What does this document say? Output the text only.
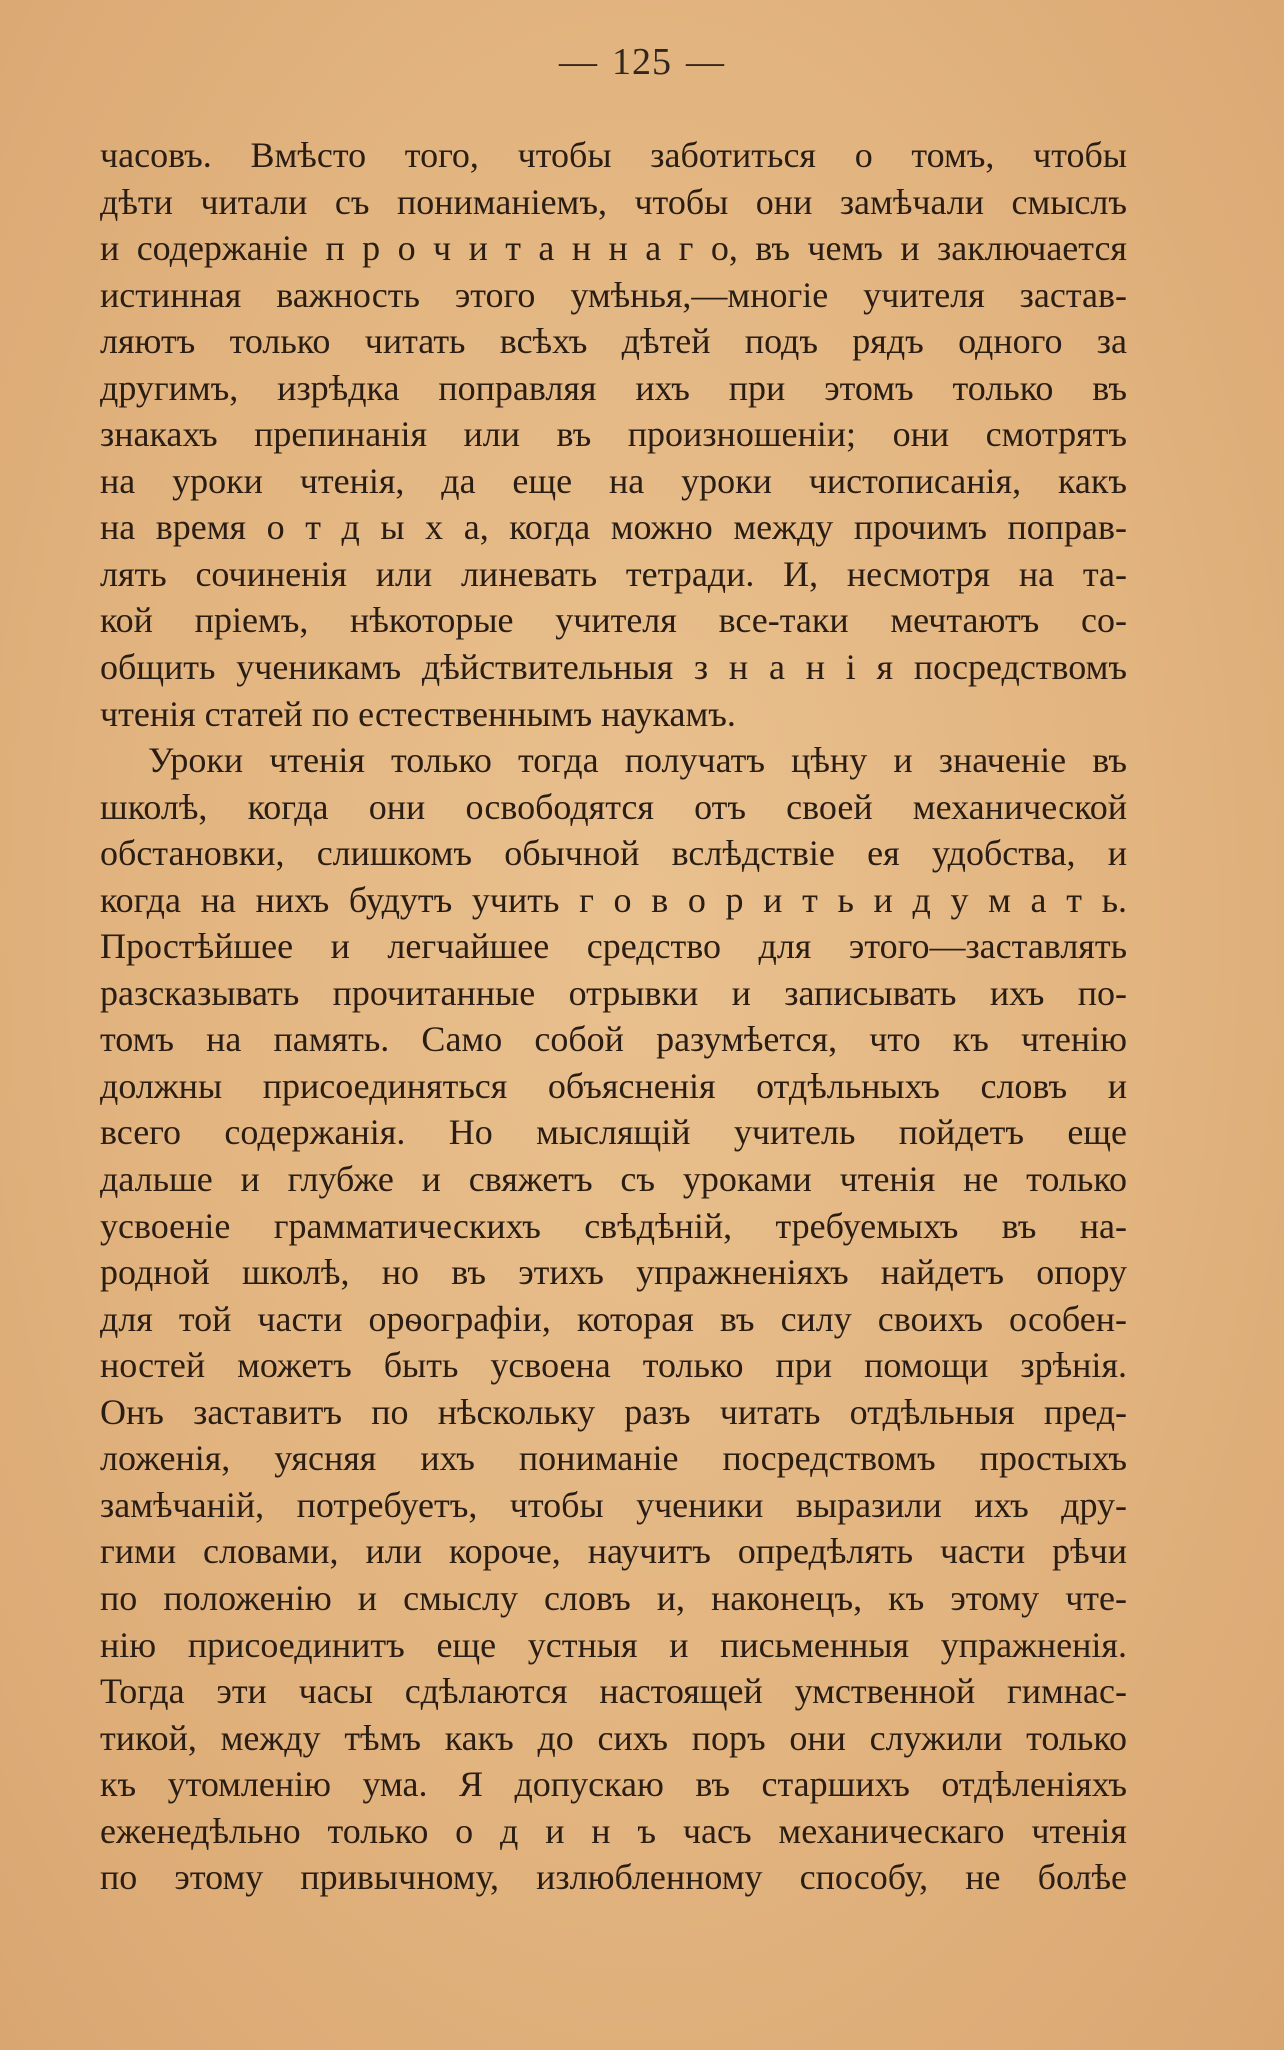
— 125 —
часовъ. Вмѣсто того, чтобы заботиться о томъ, чтобы
дѣти читали съ пониманіемъ, чтобы они замѣчали смыслъ
и содержаніе п р о ч и т а н н а г о, въ чемъ и заключается
истинная важность этого умѣнья,—многіе учителя застав-
ляютъ только читать всѣхъ дѣтей подъ рядъ одного за
другимъ, изрѣдка поправляя ихъ при этомъ только въ
знакахъ препинанія или въ произношеніи; они смотрятъ
на уроки чтенія, да еще на уроки чистописанія, какъ
на время о т д ы х а, когда можно между прочимъ поправ-
лять сочиненія или линевать тетради. И, несмотря на та-
кой пріемъ, нѣкоторые учителя все-таки мечтаютъ со-
общить ученикамъ дѣйствительныя з н а н і я посредствомъ
чтенія статей по естественнымъ наукамъ.
Уроки чтенія только тогда получатъ цѣну и значеніе въ
школѣ, когда они освободятся отъ своей механической
обстановки, слишкомъ обычной вслѣдствіе ея удобства, и
когда на нихъ будутъ учить г о в о р и т ь и д у м а т ь.
Простѣйшее и легчайшее средство для этого—заставлять
разсказывать прочитанные отрывки и записывать ихъ по-
томъ на память. Само собой разумѣется, что къ чтенію
должны присоединяться объясненія отдѣльныхъ словъ и
всего содержанія. Но мыслящій учитель пойдетъ еще
дальше и глубже и свяжетъ съ уроками чтенія не только
усвоеніе грамматическихъ свѣдѣній, требуемыхъ въ на-
родной школѣ, но въ этихъ упражненіяхъ найдетъ опору
для той части орѳографіи, которая въ силу своихъ особен-
ностей можетъ быть усвоена только при помощи зрѣнія.
Онъ заставитъ по нѣскольку разъ читать отдѣльныя пред-
ложенія, уясняя ихъ пониманіе посредствомъ простыхъ
замѣчаній, потребуетъ, чтобы ученики выразили ихъ дру-
гими словами, или короче, научитъ опредѣлять части рѣчи
по положенію и смыслу словъ и, наконецъ, къ этому чте-
нію присоединитъ еще устныя и письменныя упражненія.
Тогда эти часы сдѣлаются настоящей умственной гимнас-
тикой, между тѣмъ какъ до сихъ поръ они служили только
къ утомленію ума. Я допускаю въ старшихъ отдѣленіяхъ
еженедѣльно только о д и н ъ часъ механическаго чтенія
по этому привычному, излюбленному способу, не болѣе
